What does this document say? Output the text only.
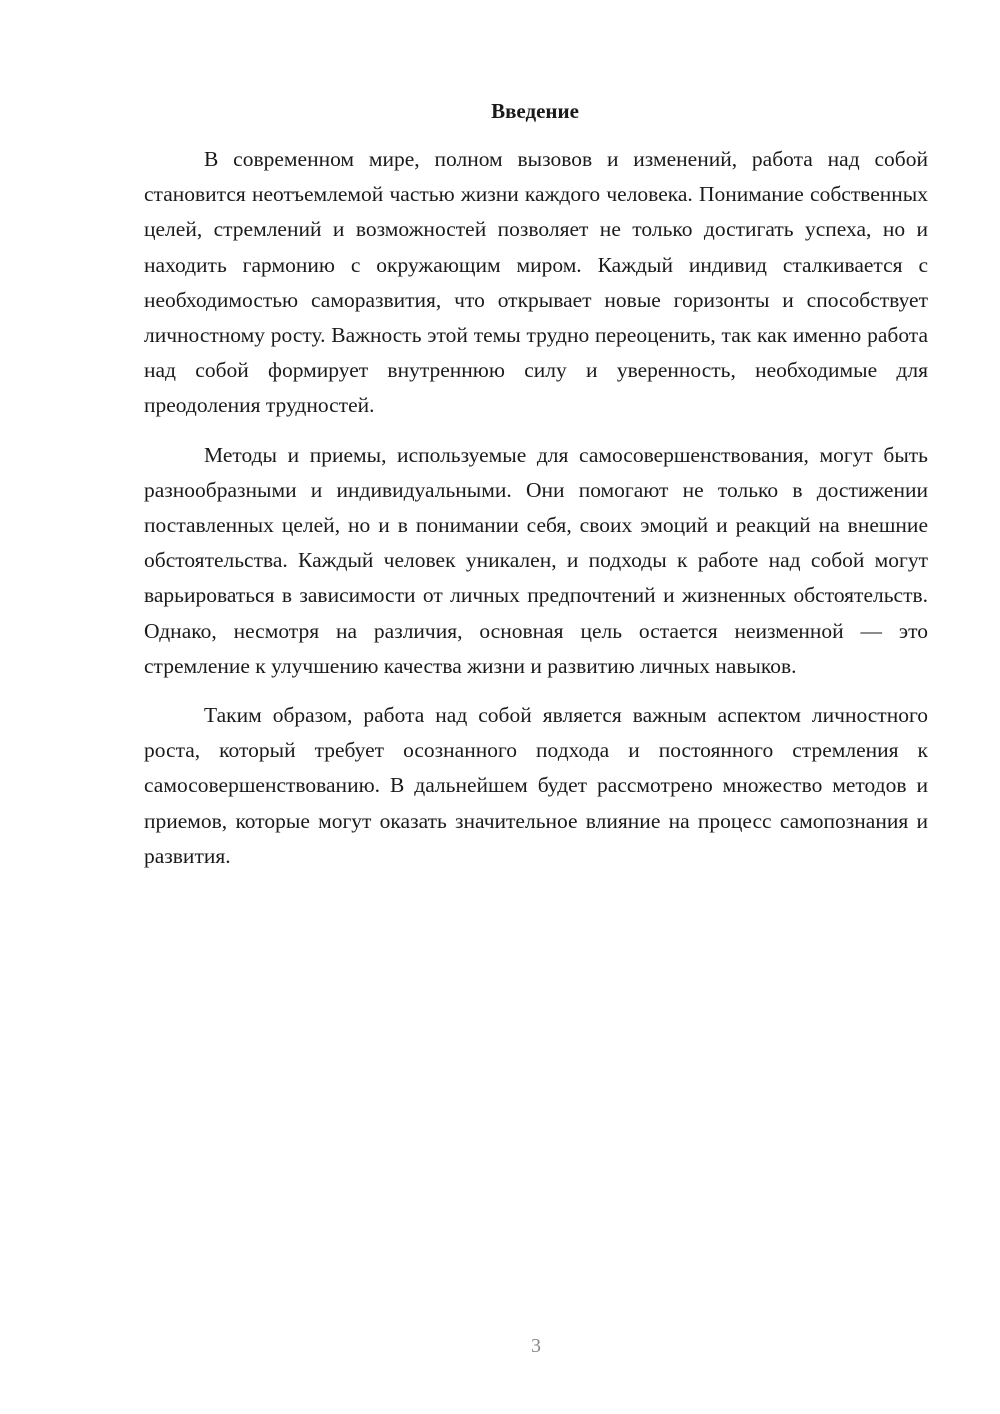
Введение

В современном мире, полном вызовов и изменений, работа над собой становится неотъемлемой частью жизни каждого человека. Понимание собственных целей, стремлений и возможностей позволяет не только достигать успеха, но и находить гармонию с окружающим миром. Каждый индивид сталкивается с необходимостью саморазвития, что открывает новые горизонты и способствует личностному росту. Важность этой темы трудно переоценить, так как именно работа над собой формирует внутреннюю силу и уверенность, необходимые для преодоления трудностей.

Методы и приемы, используемые для самосовершенствования, могут быть разнообразными и индивидуальными. Они помогают не только в достижении поставленных целей, но и в понимании себя, своих эмоций и реакций на внешние обстоятельства. Каждый человек уникален, и подходы к работе над собой могут варьироваться в зависимости от личных предпочтений и жизненных обстоятельств. Однако, несмотря на различия, основная цель остается неизменной — это стремление к улучшению качества жизни и развитию личных навыков.

Таким образом, работа над собой является важным аспектом личностного роста, который требует осознанного подхода и постоянного стремления к самосовершенствованию. В дальнейшем будет рассмотрено множество методов и приемов, которые могут оказать значительное влияние на процесс самопознания и развития.

3
